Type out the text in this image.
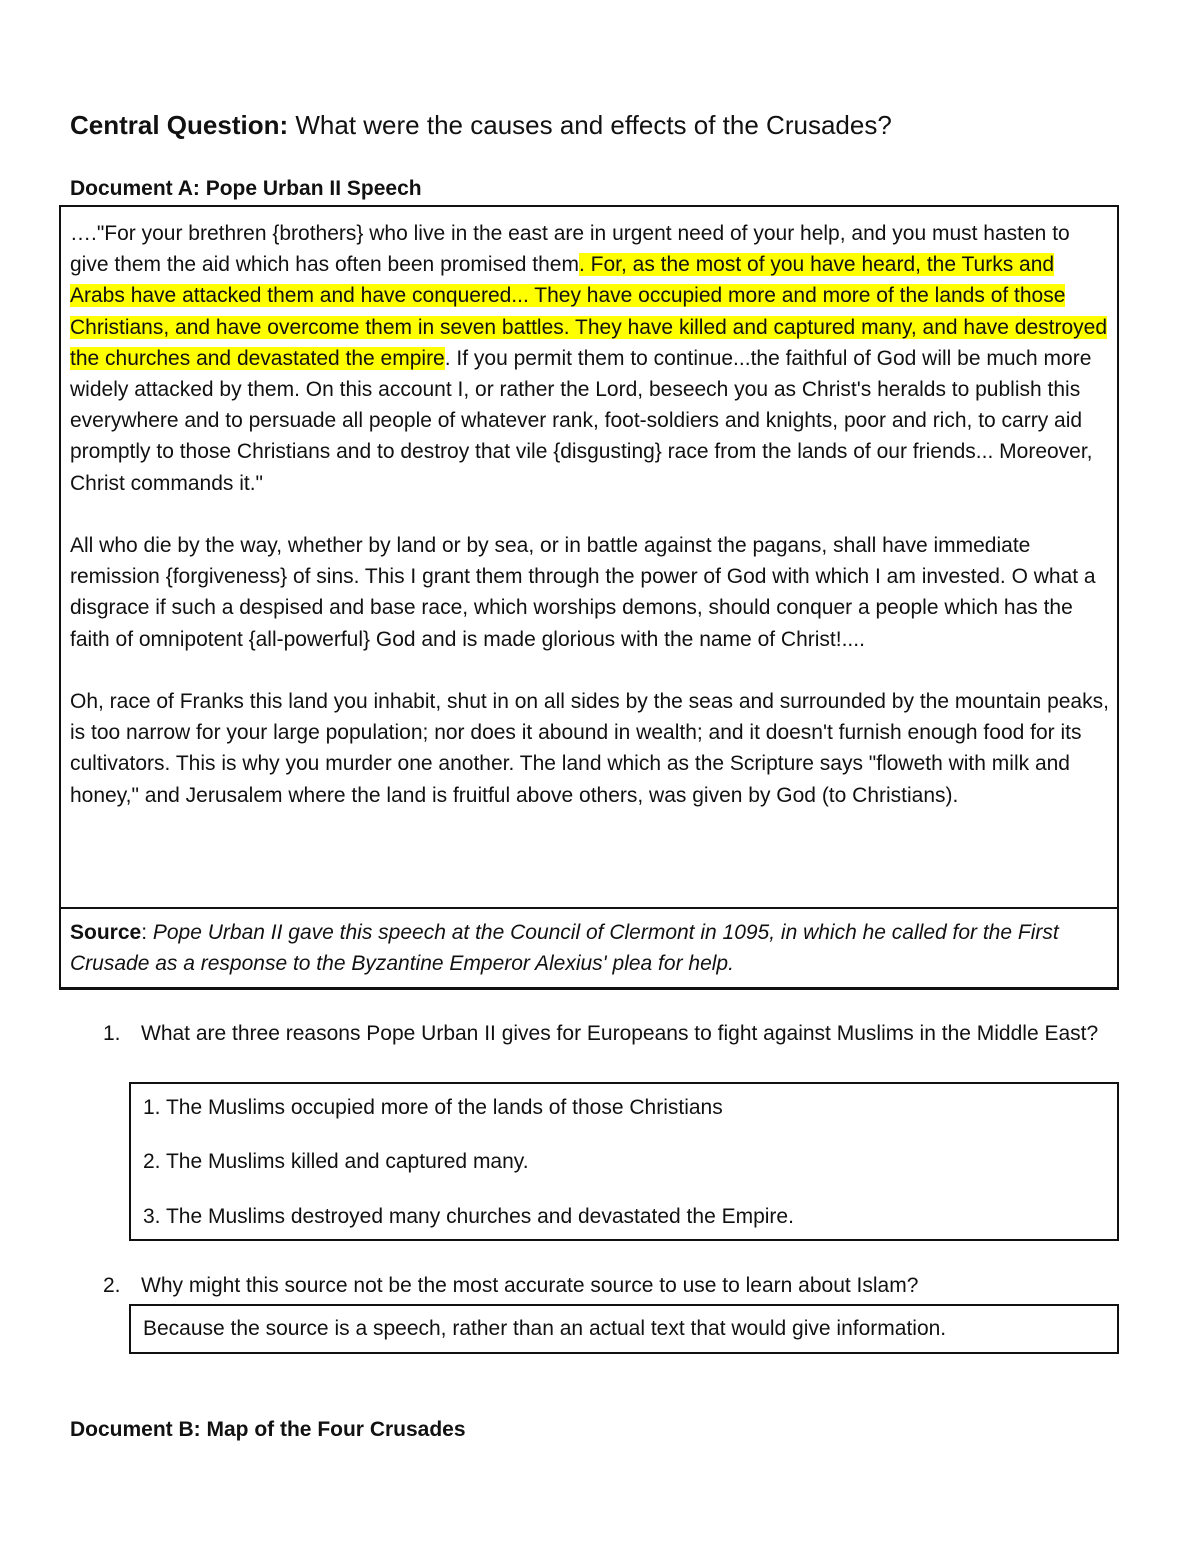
Central Question: What were the causes and effects of the Crusades?
Document A: Pope Urban II Speech

…."For your brethren {brothers} who live in the east are in urgent need of your help, and you must hasten to give them the aid which has often been promised them. For, as the most of you have heard, the Turks and Arabs have attacked them and have conquered... They have occupied more and more of the lands of those Christians, and have overcome them in seven battles. They have killed and captured many, and have destroyed the churches and devastated the empire. If you permit them to continue...the faithful of God will be much more widely attacked by them. On this account I, or rather the Lord, beseech you as Christ's heralds to publish this everywhere and to persuade all people of whatever rank, foot-soldiers and knights, poor and rich, to carry aid promptly to those Christians and to destroy that vile {disgusting} race from the lands of our friends... Moreover, Christ commands it."

All who die by the way, whether by land or by sea, or in battle against the pagans, shall have immediate remission {forgiveness} of sins. This I grant them through the power of God with which I am invested. O what a disgrace if such a despised and base race, which worships demons, should conquer a people which has the faith of omnipotent {all-powerful} God and is made glorious with the name of Christ!....

Oh, race of Franks this land you inhabit, shut in on all sides by the seas and surrounded by the mountain peaks, is too narrow for your large population; nor does it abound in wealth; and it doesn't furnish enough food for its cultivators. This is why you murder one another. The land which as the Scripture says "floweth with milk and honey," and Jerusalem where the land is fruitful above others, was given by God (to Christians).

Source: Pope Urban II gave this speech at the Council of Clermont in 1095, in which he called for the First Crusade as a response to the Byzantine Emperor Alexius' plea for help.
1. What are three reasons Pope Urban II gives for Europeans to fight against Muslims in the Middle East?
1. The Muslims occupied more of the lands of those Christians
2. The Muslims killed and captured many.
3. The Muslims destroyed many churches and devastated the Empire.
2. Why might this source not be the most accurate source to use to learn about Islam?
Because the source is a speech, rather than an actual text that would give information.
Document B: Map of the Four Crusades
